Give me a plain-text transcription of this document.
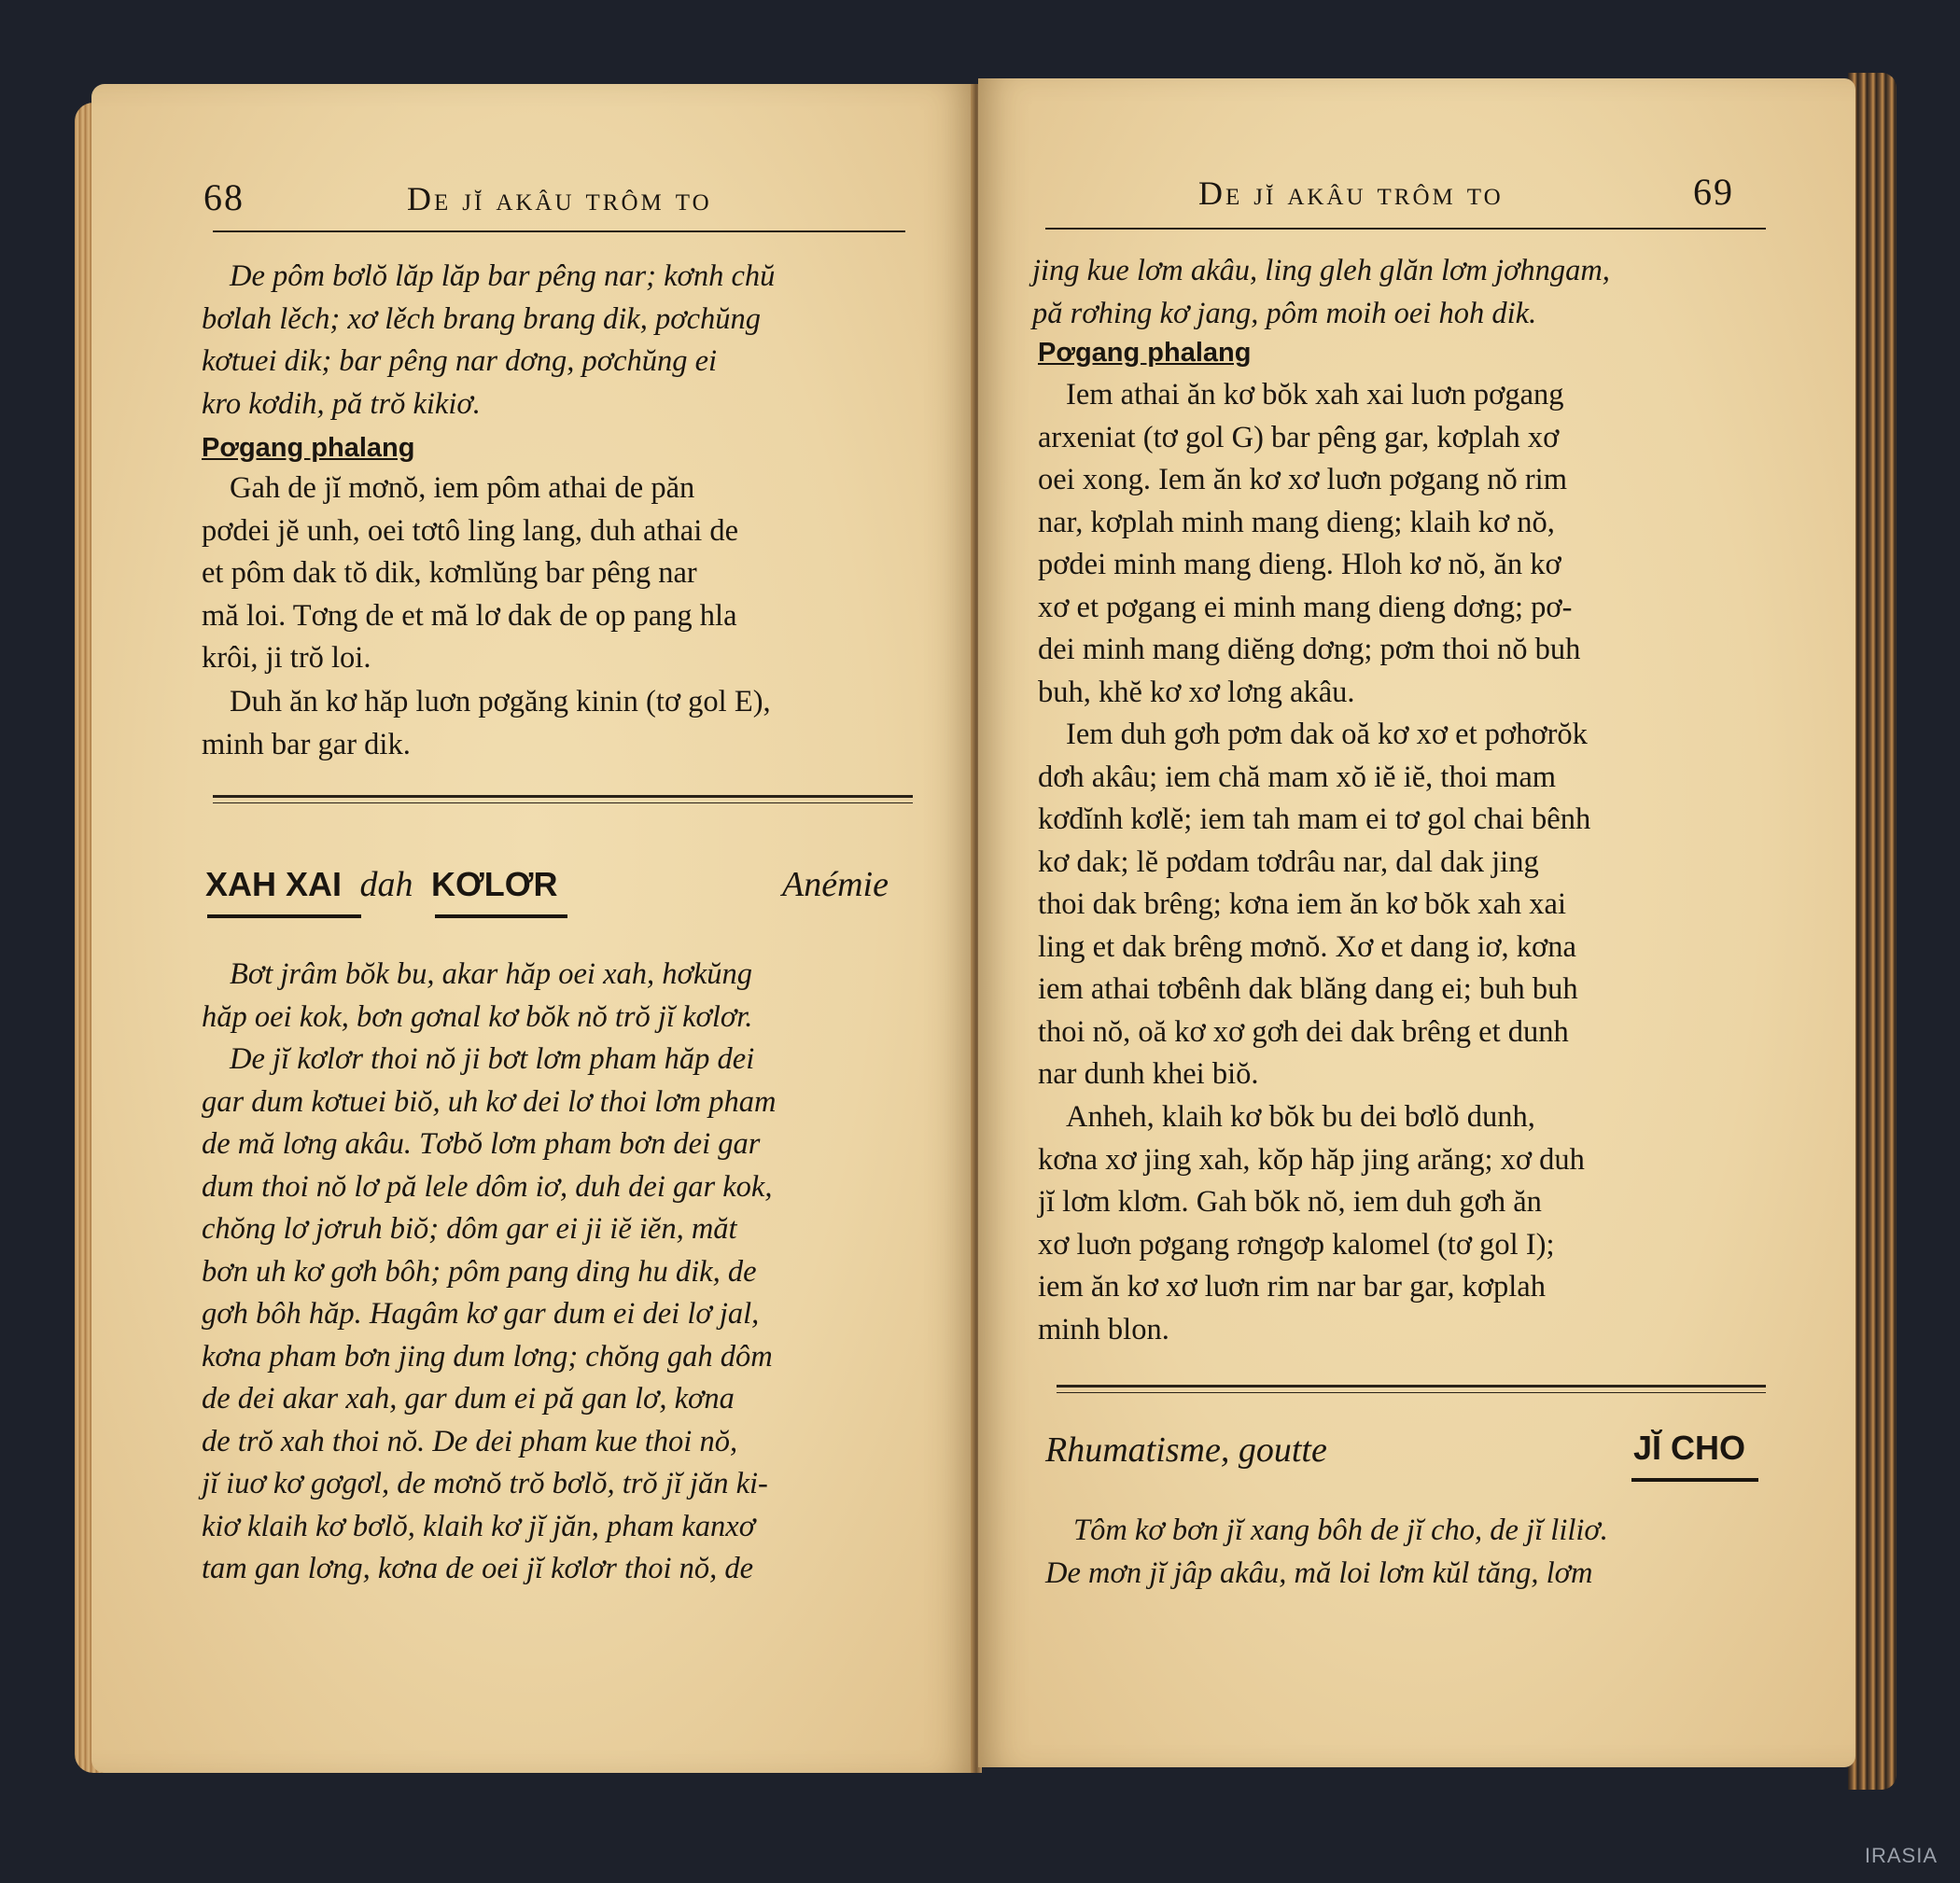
68	De jĭ akâu trôm to
De pôm bơlŏ lăp lăp bar pêng nar; kơnh chŭ
bơlah lěch; xơ lěch brang brang dik, pơchŭng
kơtuei dik; bar pêng nar dơng, pơchŭng ei
kro kơdih, pă trŏ kikiơ.
Pơgang phalang
Gah de jĭ mơnŏ, iem pôm athai de păn
pơdei jĕ unh, oei tơtô ling lang, duh athai de
et pôm dak tŏ dik, kơmlŭng bar pêng nar
mă loi. Tơng de et mă lơ dak de op pang hla
krôi, ji trŏ loi.
Duh ăn kơ hăp luơn pơgăng kinin (tơ gol E),
minh bar gar dik.
XAH XAI dah KƠLƠR	Anémie
Bơt jrâm bŏk bu, akar hăp oei xah, hơkŭng
hăp oei kok, bơn gơnal kơ bŏk nŏ trŏ jĭ kơlơr.
De jĭ kơlơr thoi nŏ ji bơt lơm pham hăp dei
gar dum kơtuei biŏ, uh kơ dei lơ thoi lơm pham
de mă lơng akâu. Tơbŏ lơm pham bơn dei gar
dum thoi nŏ lơ pă lele dôm iơ, duh dei gar kok,
chŏng lơ jơruh biŏ; dôm gar ei ji iĕ iĕn, măt
bơn uh kơ gơh bôh; pôm pang ding hu dik, de
gơh bôh hăp. Hagâm kơ gar dum ei dei lơ jal,
kơna pham bơn jing dum lơng; chŏng gah dôm
de dei akar xah, gar dum ei pă gan lơ, kơna
de trŏ xah thoi nŏ. De dei pham kue thoi nŏ,
jĭ iuơ kơ gơgơl, de mơnŏ trŏ bơlŏ, trŏ jĭ jăn ki-
kiơ klaih kơ bơlŏ, klaih kơ jĭ jăn, pham kanxơ
tam gan lơng, kơna de oei jĭ kơlơr thoi nŏ, de
De jĭ akâu trôm to	69
jing kue lơm akâu, ling gleh glăn lơm jơhngam,
pă rơhing kơ jang, pôm moih oei hoh dik.
Pơgang phalang
Iem athai ăn kơ bŏk xah xai luơn pơgang
arxeniat (tơ gol G) bar pêng gar, kơplah xơ
oei xong. Iem ăn kơ xơ luơn pơgang nŏ rim
nar, kơplah minh mang dieng; klaih kơ nŏ,
pơdei minh mang dieng. Hloh kơ nŏ, ăn kơ
xơ et pơgang ei minh mang dieng dơng; pơ-
dei minh mang diĕng dơng; pơm thoi nŏ buh
buh, khĕ kơ xơ lơng akâu.
Iem duh gơh pơm dak oă kơ xơ et pơhơrŏk
dơh akâu; iem chă mam xŏ iĕ iĕ, thoi mam
kơdĭnh kơlĕ; iem tah mam ei tơ gol chai bênh
kơ dak; lĕ pơdam tơdrâu nar, dal dak jing
thoi dak brêng; kơna iem ăn kơ bŏk xah xai
ling et dak brêng mơnŏ. Xơ et dang iơ, kơna
iem athai tơbênh dak blăng dang ei; buh buh
thoi nŏ, oă kơ xơ gơh dei dak brêng et dunh
nar dunh khei biŏ.
Anheh, klaih kơ bŏk bu dei bơlŏ dunh,
kơna xơ jing xah, kŏp hăp jing arăng; xơ duh
jĭ lơm klơm. Gah bŏk nŏ, iem duh gơh ăn
xơ luơn pơgang rơngơp kalomel (tơ gol I);
iem ăn kơ xơ luơn rim nar bar gar, kơplah
minh blon.
Rhumatisme, goutte	JĬ CHO
Tôm kơ bơn jĭ xang bôh de jĭ cho, de jĭ liliơ.
De mơn jĭ jâp akâu, mă loi lơm kŭl tăng, lơm
IRASIA
